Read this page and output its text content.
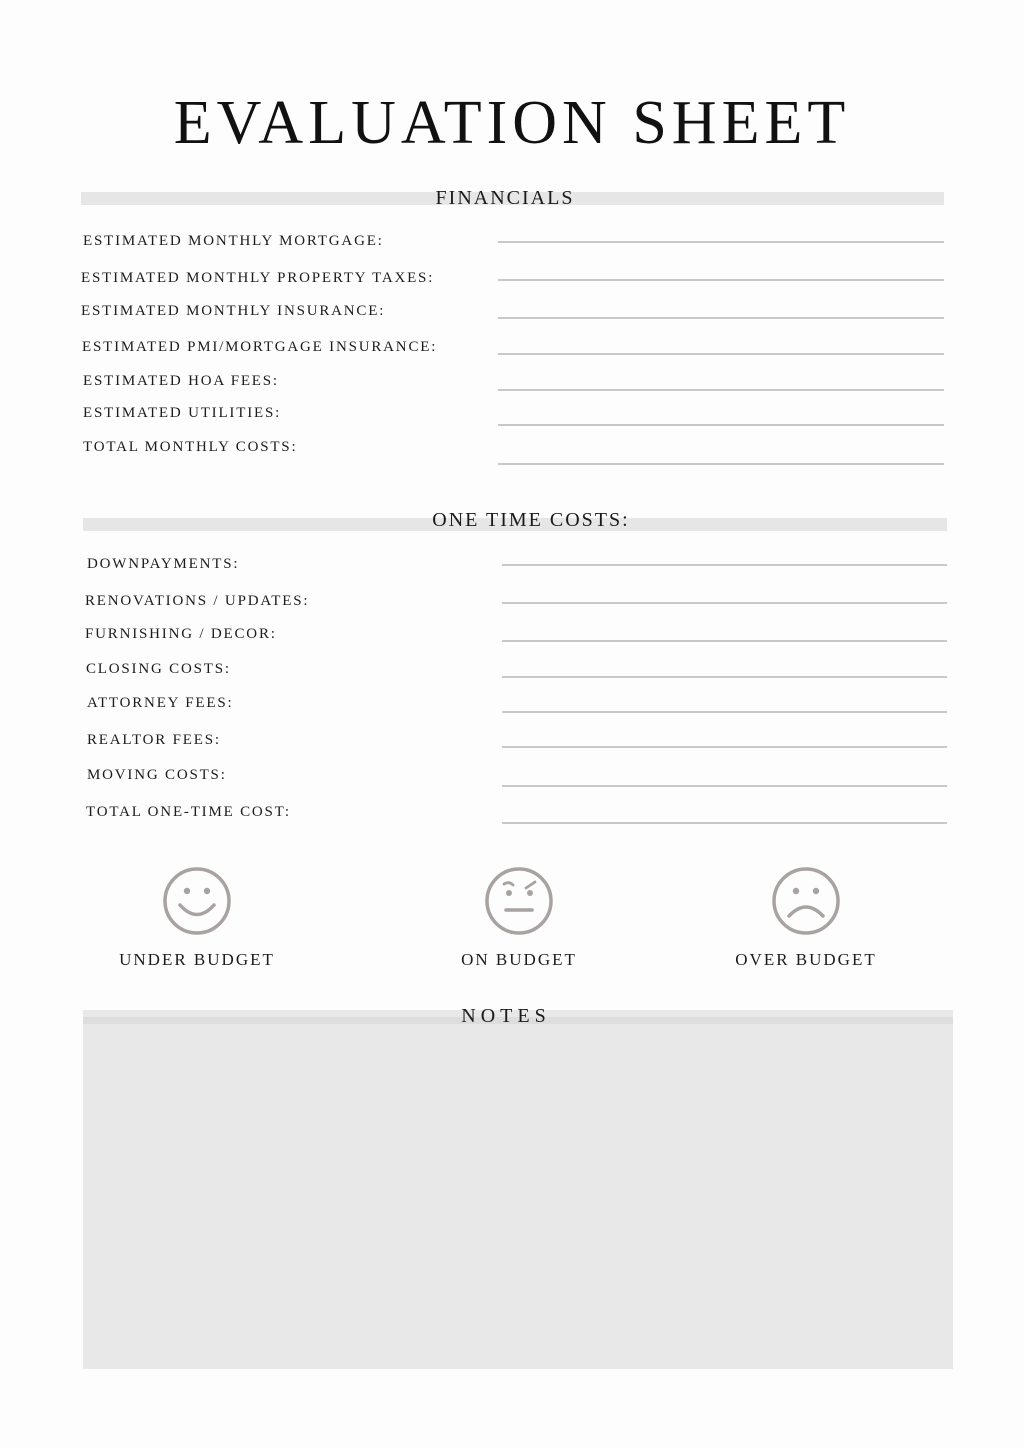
EVALUATION SHEET
FINANCIALS
ESTIMATED MONTHLY MORTGAGE:
ESTIMATED MONTHLY PROPERTY TAXES:
ESTIMATED MONTHLY INSURANCE:
ESTIMATED PMI/MORTGAGE INSURANCE:
ESTIMATED HOA FEES:
ESTIMATED UTILITIES:
TOTAL MONTHLY COSTS:
ONE TIME COSTS:
DOWNPAYMENTS:
RENOVATIONS / UPDATES:
FURNISHING / DECOR:
CLOSING COSTS:
ATTORNEY FEES:
REALTOR FEES:
MOVING COSTS:
TOTAL ONE-TIME COST:
UNDER BUDGET	ON BUDGET	OVER BUDGET
NOTES
